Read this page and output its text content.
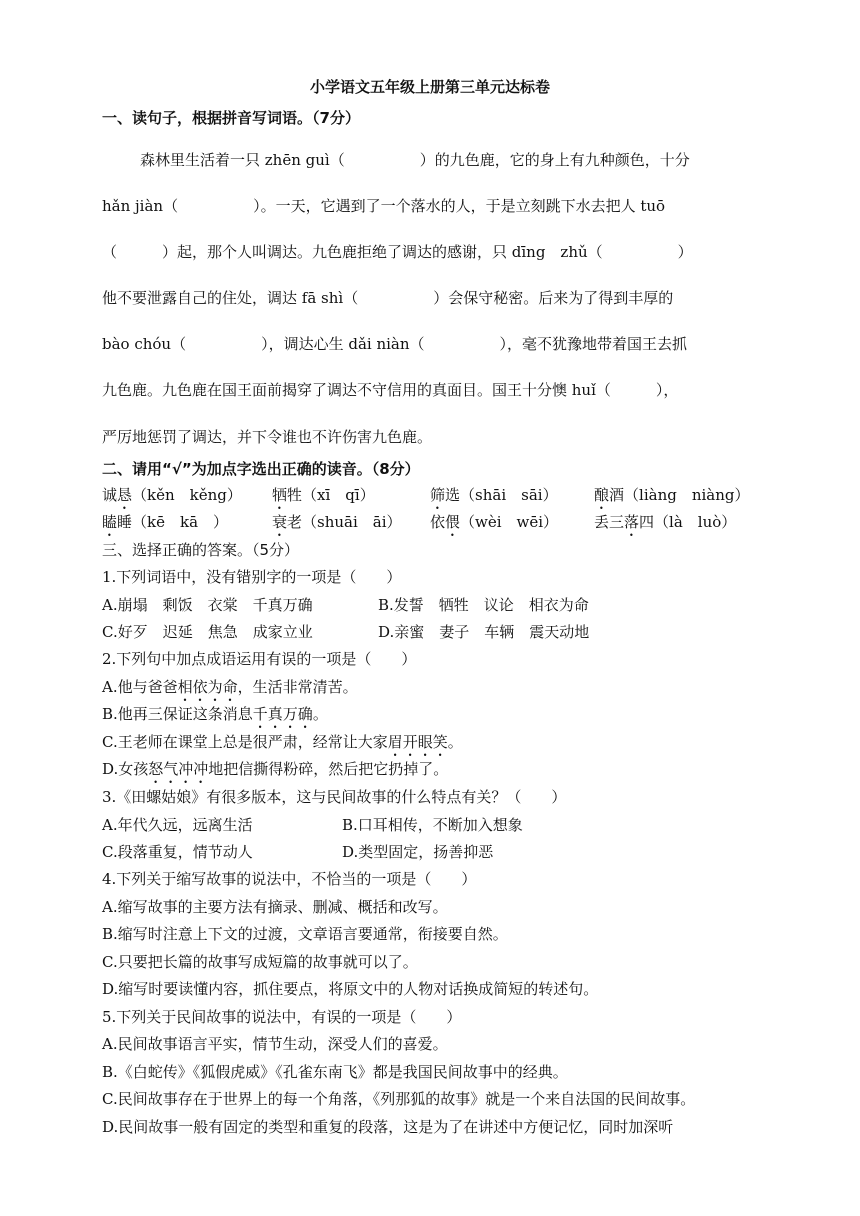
小学语文五年级上册第三单元达标卷
一、读句子，根据拼音写词语。（7分）
森林里生活着一只 zhēn guì（　　　　　）的九色鹿，它的身上有九种颜色，十分
hǎn jiàn（　　　　　）。一天，它遇到了一个落水的人，于是立刻跳下水去把人 tuō
（　　　）起，那个人叫调达。九色鹿拒绝了调达的感谢，只 dīng　zhǔ（　　　　　）
他不要泄露自己的住处，调达 fā shì（　　　　　）会保守秘密。后来为了得到丰厚的
bào chóu（　　　　　），调达心生 dǎi niàn（　　　　　），毫不犹豫地带着国王去抓
九色鹿。九色鹿在国王面前揭穿了调达不守信用的真面目。国王十分懊 huǐ（　　　），
严厉地惩罚了调达，并下令谁也不许伤害九色鹿。
二、请用“√”为加点字选出正确的读音。（8分）
诚恳（kěn　kěng） 牺牲（xī　qī）	筛选（shāi　sāi） 酿酒（liàng　niàng）
瞌睡（kē　kā　）	衰老（shuāi　āi） 依偎（wèi　wēi） 丢三落四（là　luò）
三、选择正确的答案。（5分）
1.下列词语中，没有错别字的一项是（　　）
A.崩塌　剩饭　衣棠　千真万确	B.发誓　牺牲　议论　相衣为命
C.好歹　迟延　焦急　成家立业	D.亲蜜　妻子　车辆　震天动地
2.下列句中加点成语运用有误的一项是（　　）
A.他与爸爸相依为命，生活非常清苦。
B.他再三保证这条消息千真万确。
C.王老师在课堂上总是很严肃，经常让大家眉开眼笑。
D.女孩怒气冲冲地把信撕得粉碎，然后把它扔掉了。
3.《田螺姑娘》有很多版本，这与民间故事的什么特点有关？（　　）
A.年代久远，远离生活	B.口耳相传，不断加入想象
C.段落重复，情节动人	D.类型固定，扬善抑恶
4.下列关于缩写故事的说法中，不恰当的一项是（　　）
A.缩写故事的主要方法有摘录、删减、概括和改写。
B.缩写时注意上下文的过渡，文章语言要通常，衔接要自然。
C.只要把长篇的故事写成短篇的故事就可以了。
D.缩写时要读懂内容，抓住要点，将原文中的人物对话换成简短的转述句。
5.下列关于民间故事的说法中，有误的一项是（　　）
A.民间故事语言平实，情节生动，深受人们的喜爱。
B.《白蛇传》《狐假虎威》《孔雀东南飞》都是我国民间故事中的经典。
C.民间故事存在于世界上的每一个角落，《列那狐的故事》就是一个来自法国的民间故事。
D.民间故事一般有固定的类型和重复的段落，这是为了在讲述中方便记忆，同时加深听
